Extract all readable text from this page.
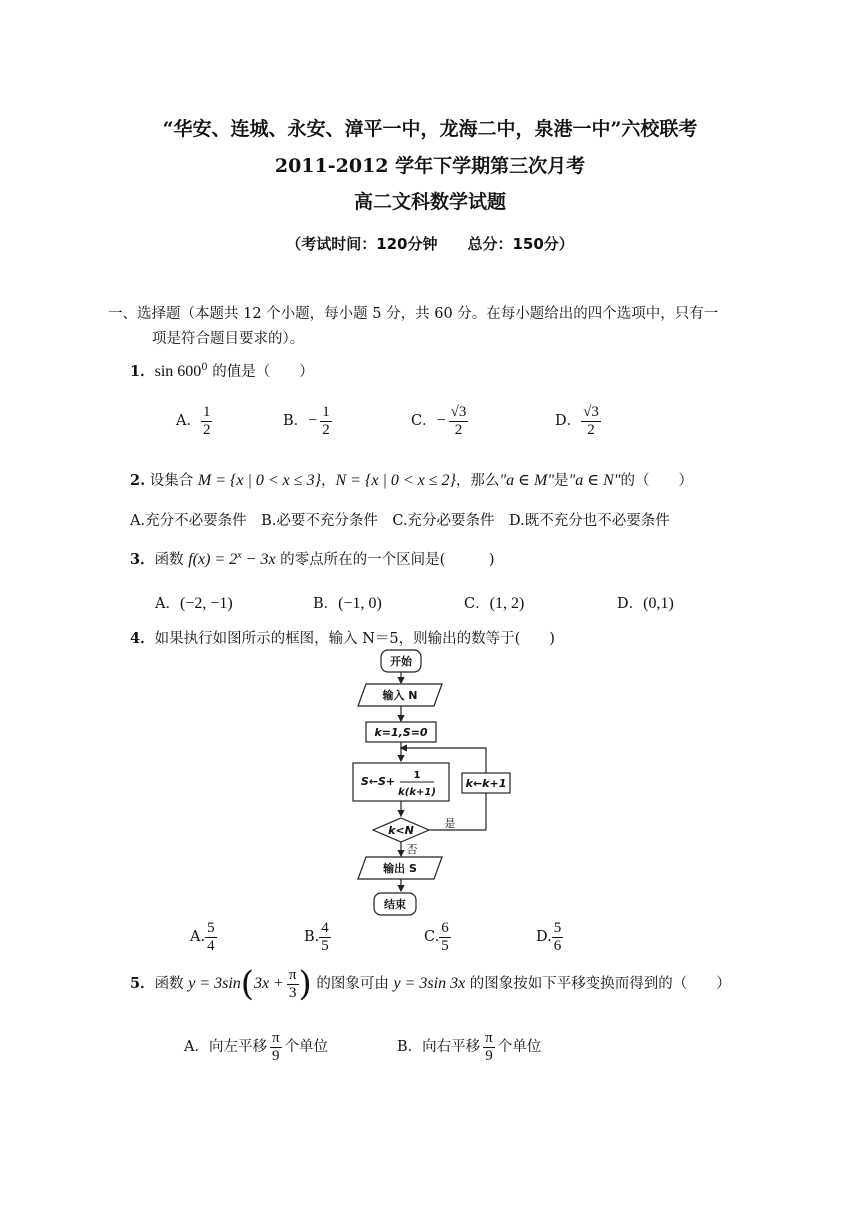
“华安、连城、永安、漳平一中，龙海二中，泉港一中”六校联考
2011-2012 学年下学期第三次月考
高二文科数学试题
（考试时间：120分钟　　总分：150分）
一、选择题（本题共 12 个小题，每小题 5 分，共 60 分。在每小题给出的四个选项中，只有一
项是符合题目要求的）。
1．$\sin 600^0$ 的值是（　　）
A． $\frac{1}{2}$	B．− $\frac{1}{2}$	C．− $\frac{√3}{2}$	D． $\frac{√3}{2}$
2. 设集合 M = {x | 0 < x ≤ 3}，N = {x | 0 < x ≤ 2}，那么"a ∈ M"是"a ∈ N"的（　　）
A.充分不必要条件　B.必要不充分条件　C.充分必要条件　D.既不充分也不必要条件
3．函数 $f(x) = 2^x - 3x$ 的零点所在的一个区间是(　　　)
A．(−2, −1)	B．(−1, 0)	C．(1, 2)	D．(0,1)
4．如果执行如图所示的框图，输入 N＝5，则输出的数等于(　　)
开始
输入 N
k=1,S=0
S←S+ 1
k(k+1)
k←k+1
k<N
是
否
输出 S
结束
A. $\frac{5}{4}$	B. $\frac{4}{5}$	C. $\frac{6}{5}$	D. $\frac{5}{6}$
5．函数 $y = 3\sin(3x + \frac{\pi}{3}$ ) 的图象可由 y = 3sin 3x 的图象按如下平移变换而得到的（　　）
A．向左平移 $\frac{\pi}{9}$ 个单位	B．向右平移 $\frac{\pi}{9}$ 个单位
